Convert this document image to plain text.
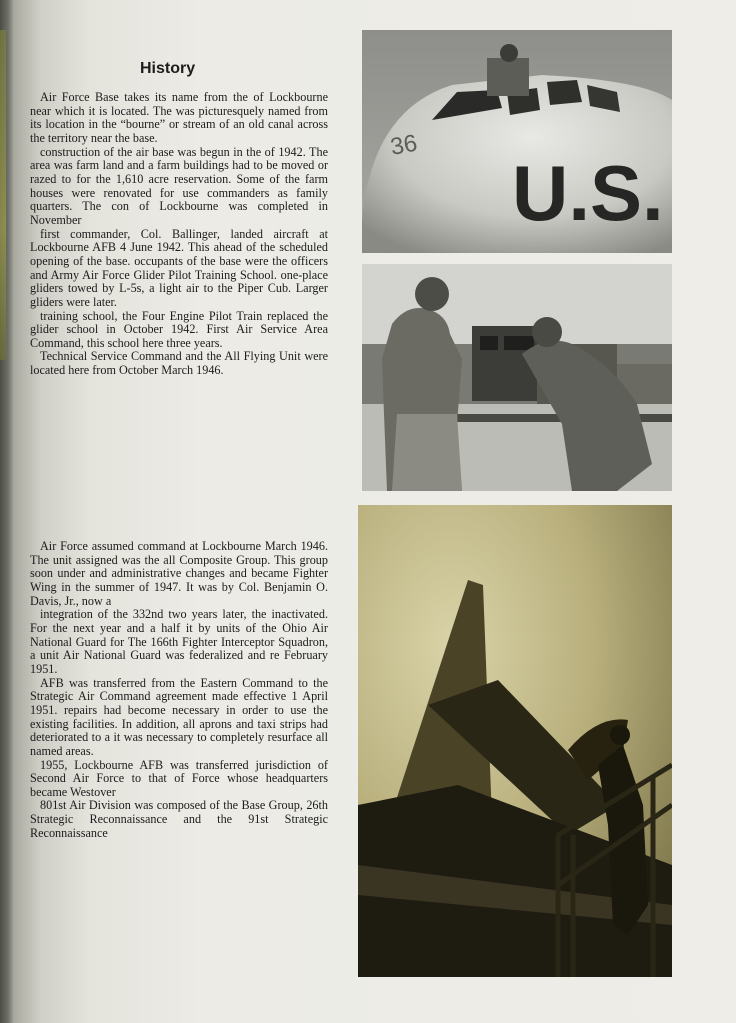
History

Air Force Base takes its name from the of Lockbourne near which it is located. The was picturesquely named from its location in the “bourne” or stream of an old canal across the territory near the base.

construction of the air base was begun in the of 1942. The area was farm land and a farm buildings had to be moved or razed to for the 1,610 acre reservation. Some of the farm houses were renovated for use commanders as family quarters. The con of Lockbourne was completed in November

first commander, Col. Ballinger, landed aircraft at Lockbourne AFB 4 June 1942. This ahead of the scheduled opening of the base. occupants of the base were the officers and Army Air Force Glider Pilot Training School. one-place gliders towed by L-5s, a light air to the Piper Cub. Larger gliders were later.

training school, the Four Engine Pilot Train replaced the glider school in October 1942. First Air Service Area Command, this school here three years.

Technical Service Command and the All Flying Unit were located here from October March 1946.

Air Force assumed command at Lockbourne March 1946. The unit assigned was the all Composite Group. This group soon under and administrative changes and became Fighter Wing in the summer of 1947. It was by Col. Benjamin O. Davis, Jr., now a

integration of the 332nd two years later, the inactivated. For the next year and a half it by units of the Ohio Air National Guard for The 166th Fighter Interceptor Squadron, a unit Air National Guard was federalized and re February 1951.

AFB was transferred from the Eastern Command to the Strategic Air Command agreement made effective 1 April 1951. repairs had become necessary in order to use the existing facilities. In addition, all aprons and taxi strips had deteriorated to a it was necessary to completely resurface all named areas.

1955, Lockbourne AFB was transferred jurisdiction of Second Air Force to that of Force whose headquarters became Westover

801st Air Division was composed of the Base Group, 26th Strategic Reconnaissance and the 91st Strategic Reconnaissance

36
U.S.
